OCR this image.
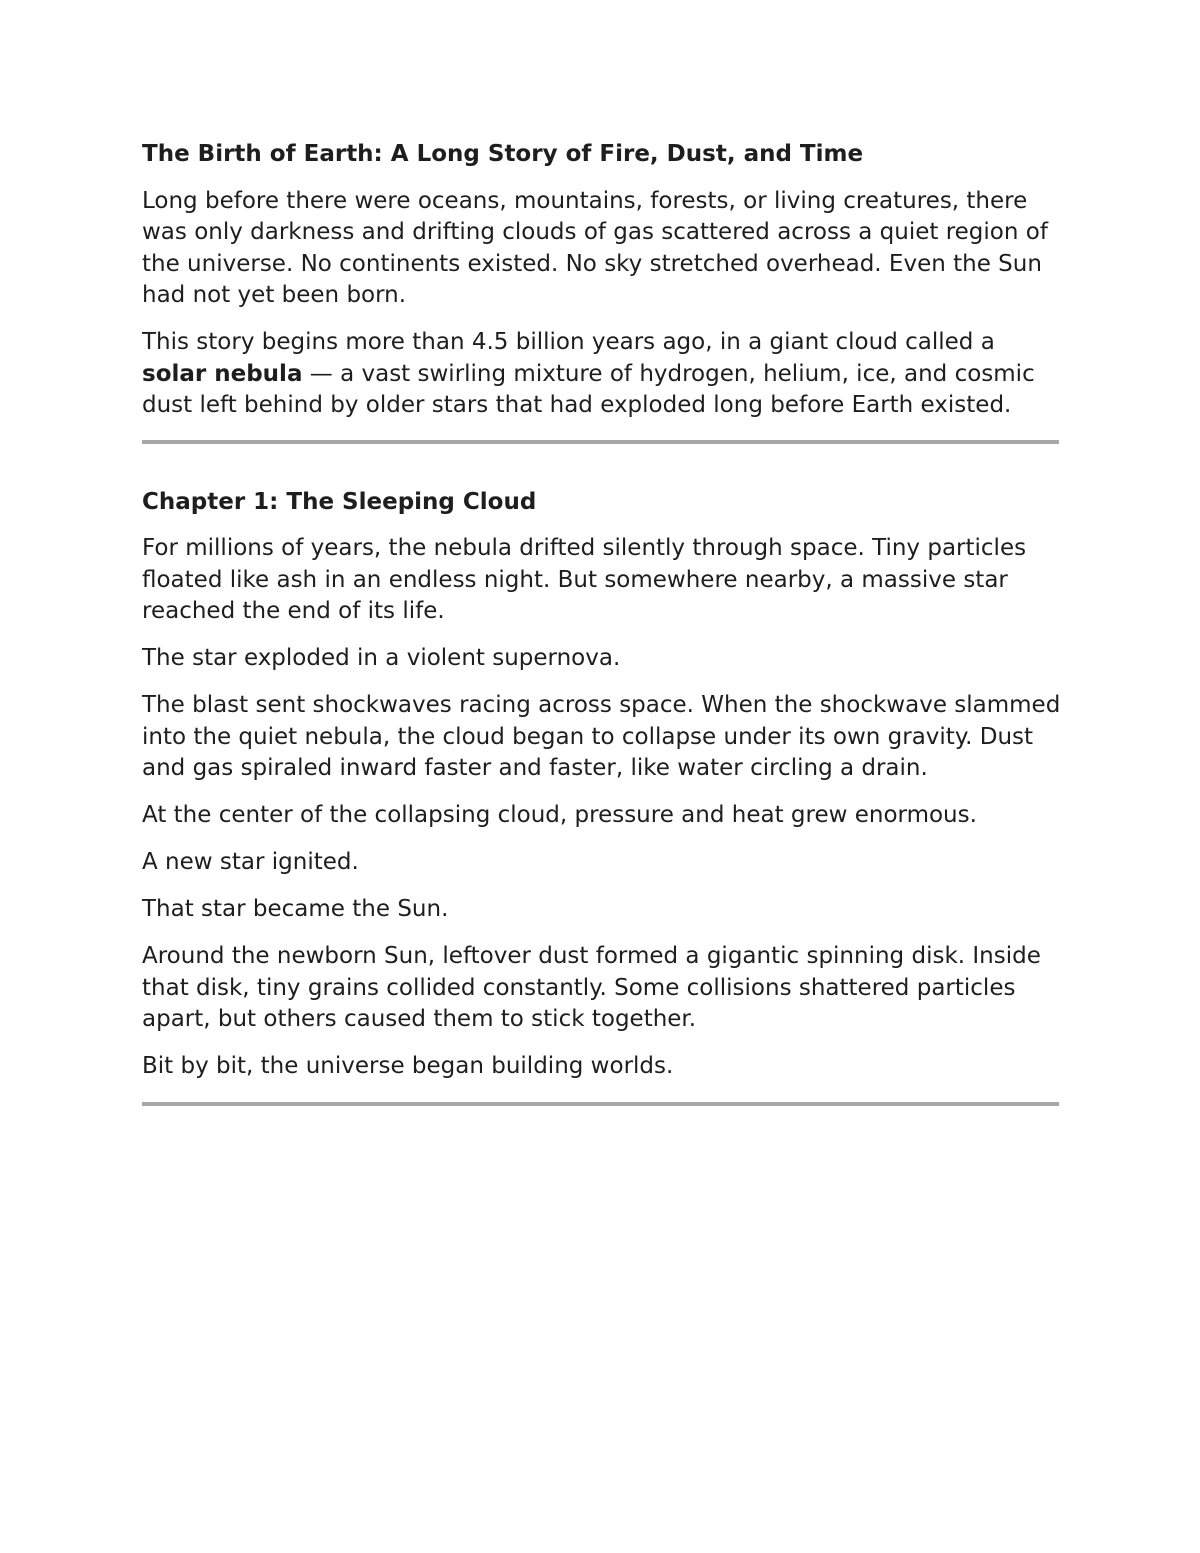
The Birth of Earth: A Long Story of Fire, Dust, and Time

Long before there were oceans, mountains, forests, or living creatures, there was only darkness and drifting clouds of gas scattered across a quiet region of the universe. No continents existed. No sky stretched overhead. Even the Sun had not yet been born.

This story begins more than 4.5 billion years ago, in a giant cloud called a solar nebula — a vast swirling mixture of hydrogen, helium, ice, and cosmic dust left behind by older stars that had exploded long before Earth existed.

Chapter 1: The Sleeping Cloud

For millions of years, the nebula drifted silently through space. Tiny particles floated like ash in an endless night. But somewhere nearby, a massive star reached the end of its life.

The star exploded in a violent supernova.

The blast sent shockwaves racing across space. When the shockwave slammed into the quiet nebula, the cloud began to collapse under its own gravity. Dust and gas spiraled inward faster and faster, like water circling a drain.

At the center of the collapsing cloud, pressure and heat grew enormous.

A new star ignited.

That star became the Sun.

Around the newborn Sun, leftover dust formed a gigantic spinning disk. Inside that disk, tiny grains collided constantly. Some collisions shattered particles apart, but others caused them to stick together.

Bit by bit, the universe began building worlds.
